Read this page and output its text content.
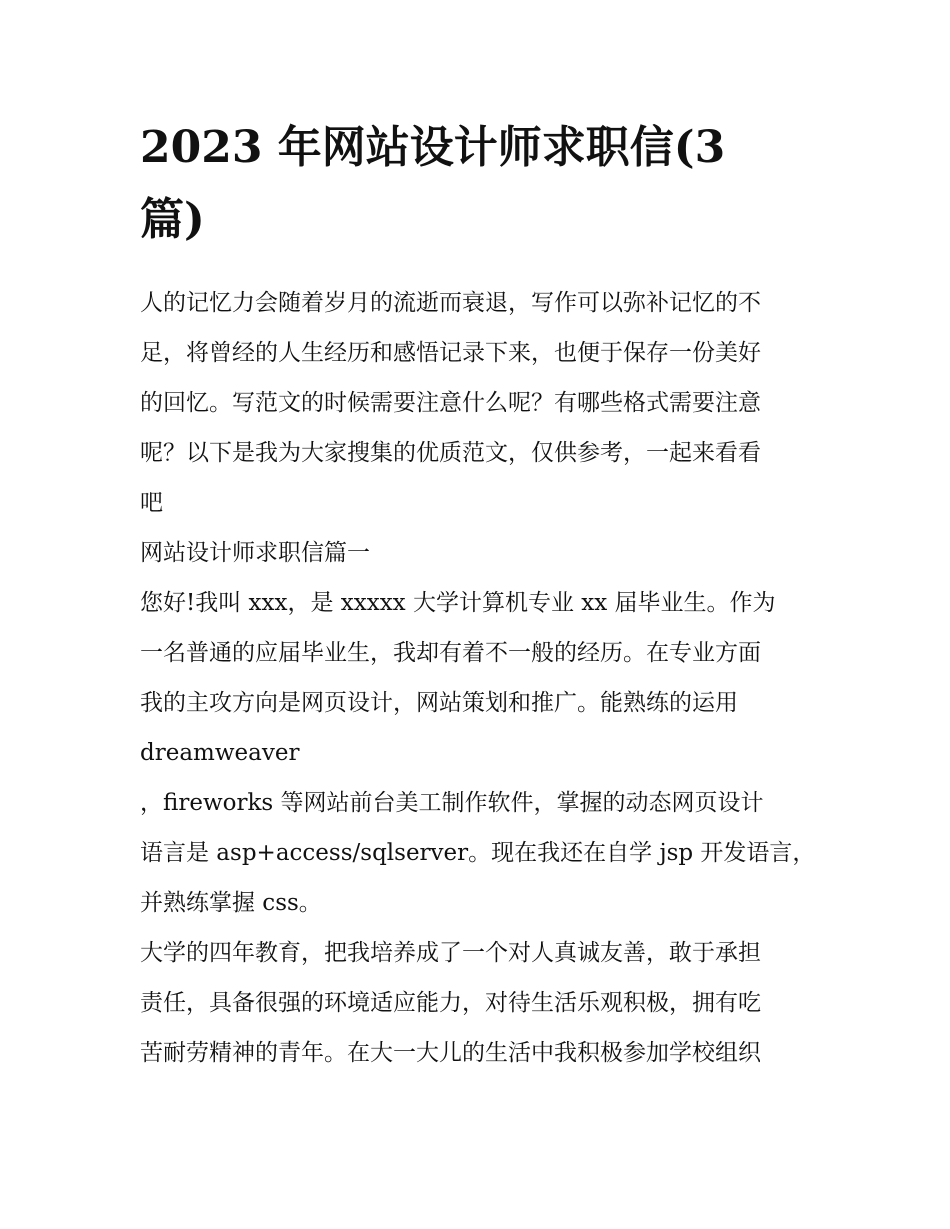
2023 年网站设计师求职信(3
篇)
人的记忆力会随着岁月的流逝而衰退，写作可以弥补记忆的不
足，将曾经的人生经历和感悟记录下来，也便于保存一份美好
的回忆。写范文的时候需要注意什么呢？有哪些格式需要注意
呢？以下是我为大家搜集的优质范文，仅供参考，一起来看看
吧
网站设计师求职信篇一
您好!我叫 xxx，是 xxxxx 大学计算机专业 xx 届毕业生。作为
一名普通的应届毕业生，我却有着不一般的经历。在专业方面
我的主攻方向是网页设计，网站策划和推广。能熟练的运用
dreamweaver
，fireworks 等网站前台美工制作软件，掌握的动态网页设计
语言是 asp+access/sqlserver。现在我还在自学 jsp 开发语言，
并熟练掌握 css。
大学的四年教育，把我培养成了一个对人真诚友善，敢于承担
责任，具备很强的环境适应能力，对待生活乐观积极，拥有吃
苦耐劳精神的青年。在大一大儿的生活中我积极参加学校组织
